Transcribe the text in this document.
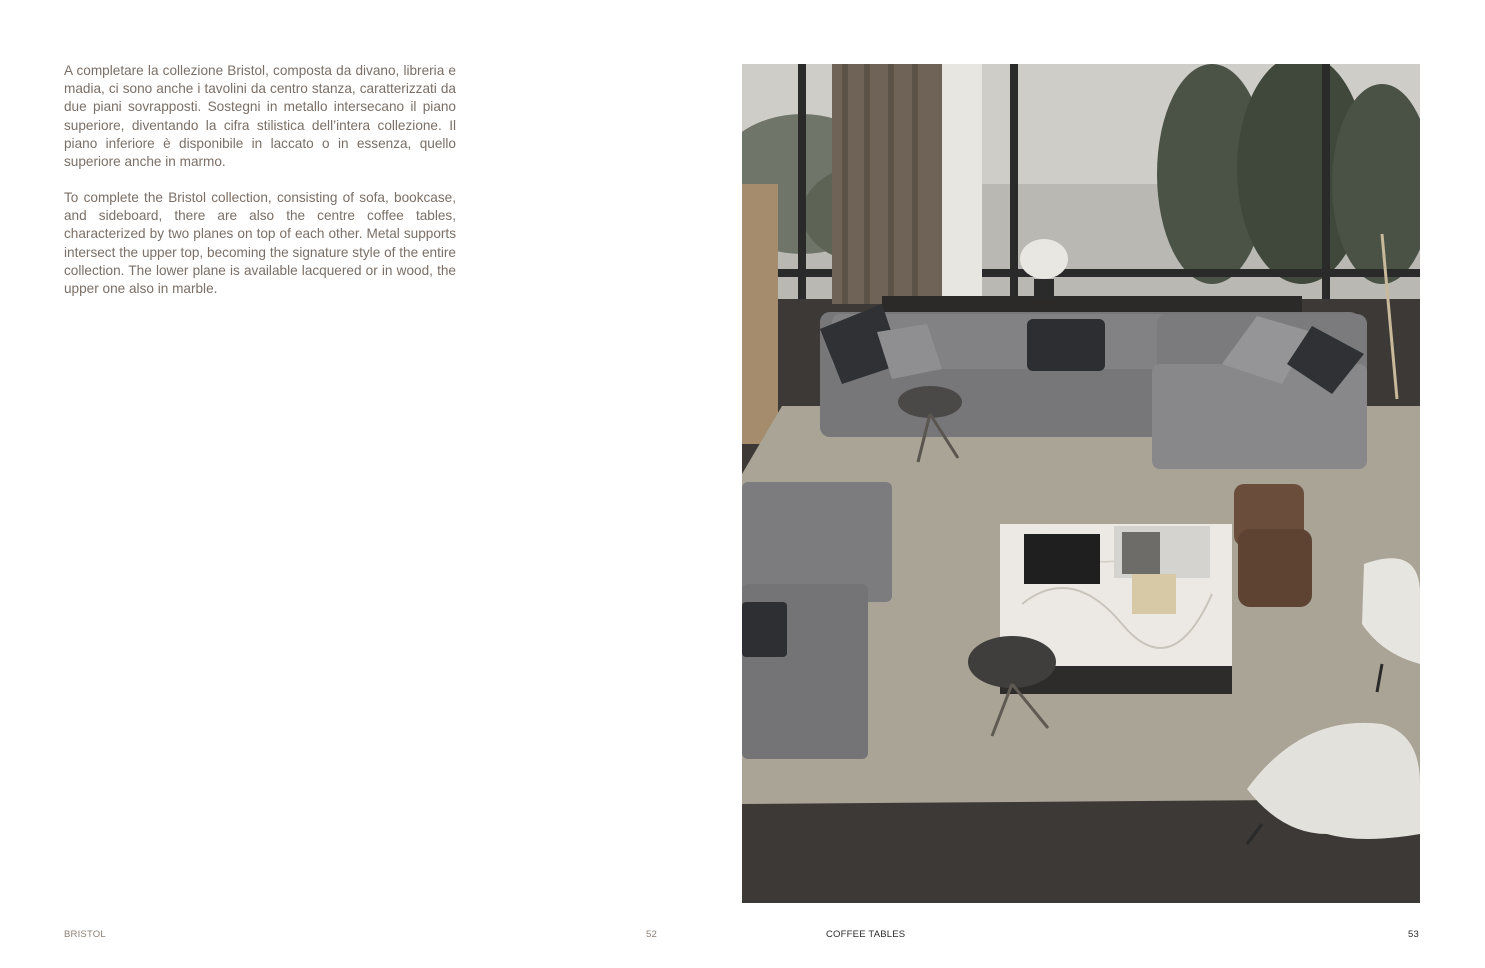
A completare la collezione Bristol, composta da divano, libreria e madia, ci sono anche i tavolini da centro stanza, caratterizzati da due piani sovrapposti. Sostegni in metallo intersecano il piano superiore, diventando la cifra stilistica dell’intera collezione. Il piano inferiore è disponibile in laccato o in essenza, quello superiore anche in marmo.

To complete the Bristol collection, consisting of sofa, bookcase, and sideboard, there are also the centre coffee tables, characterized by two planes on top of each other. Metal supports intersect the upper top, becoming the signature style of the entire collection. The lower plane is available lacquered or in wood, the upper one also in marble.

BRISTOL	52	COFFEE TABLES	53
